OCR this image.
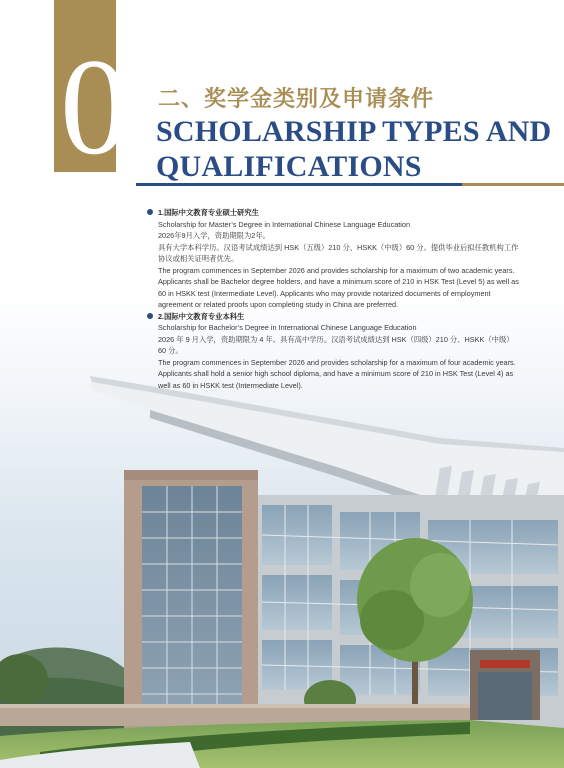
03
二、奖学金类别及申请条件
SCHOLARSHIP TYPES AND QUALIFICATIONS

1.国际中文教育专业硕士研究生

Scholarship for Master’s Degree in International Chinese Language Education

2026年9月入学，资助期限为2年。

具有大学本科学历。汉语考试成绩达到 HSK（五级）210 分、HSKK（中级）60 分。提供毕业后拟任教机构工作协议或相关证明者优先。

The program commences in September 2026 and provides scholarship for a maximum of two academic years. Applicants shall be Bachelor degree holders, and have a minimum score of 210 in HSK Test (Level 5) as well as 60 in HSKK test (Intermediate Level). Applicants who may provide notarized documents of employment agreement or related proofs upon completing study in China are preferred.

2.国际中文教育专业本科生

Scholarship for Bachelor’s Degree in International Chinese Language Education

2026 年 9 月入学，资助期限为 4 年。具有高中学历。汉语考试成绩达到 HSK（四级）210 分、HSKK（中级）60 分。

The program commences in September 2026 and provides scholarship for a maximum of four academic years. Applicants shall hold a senior high school diploma, and have a minimum score of 210 in HSK Test (Level 4) as well as 60 in HSKK test (Intermediate Level).
